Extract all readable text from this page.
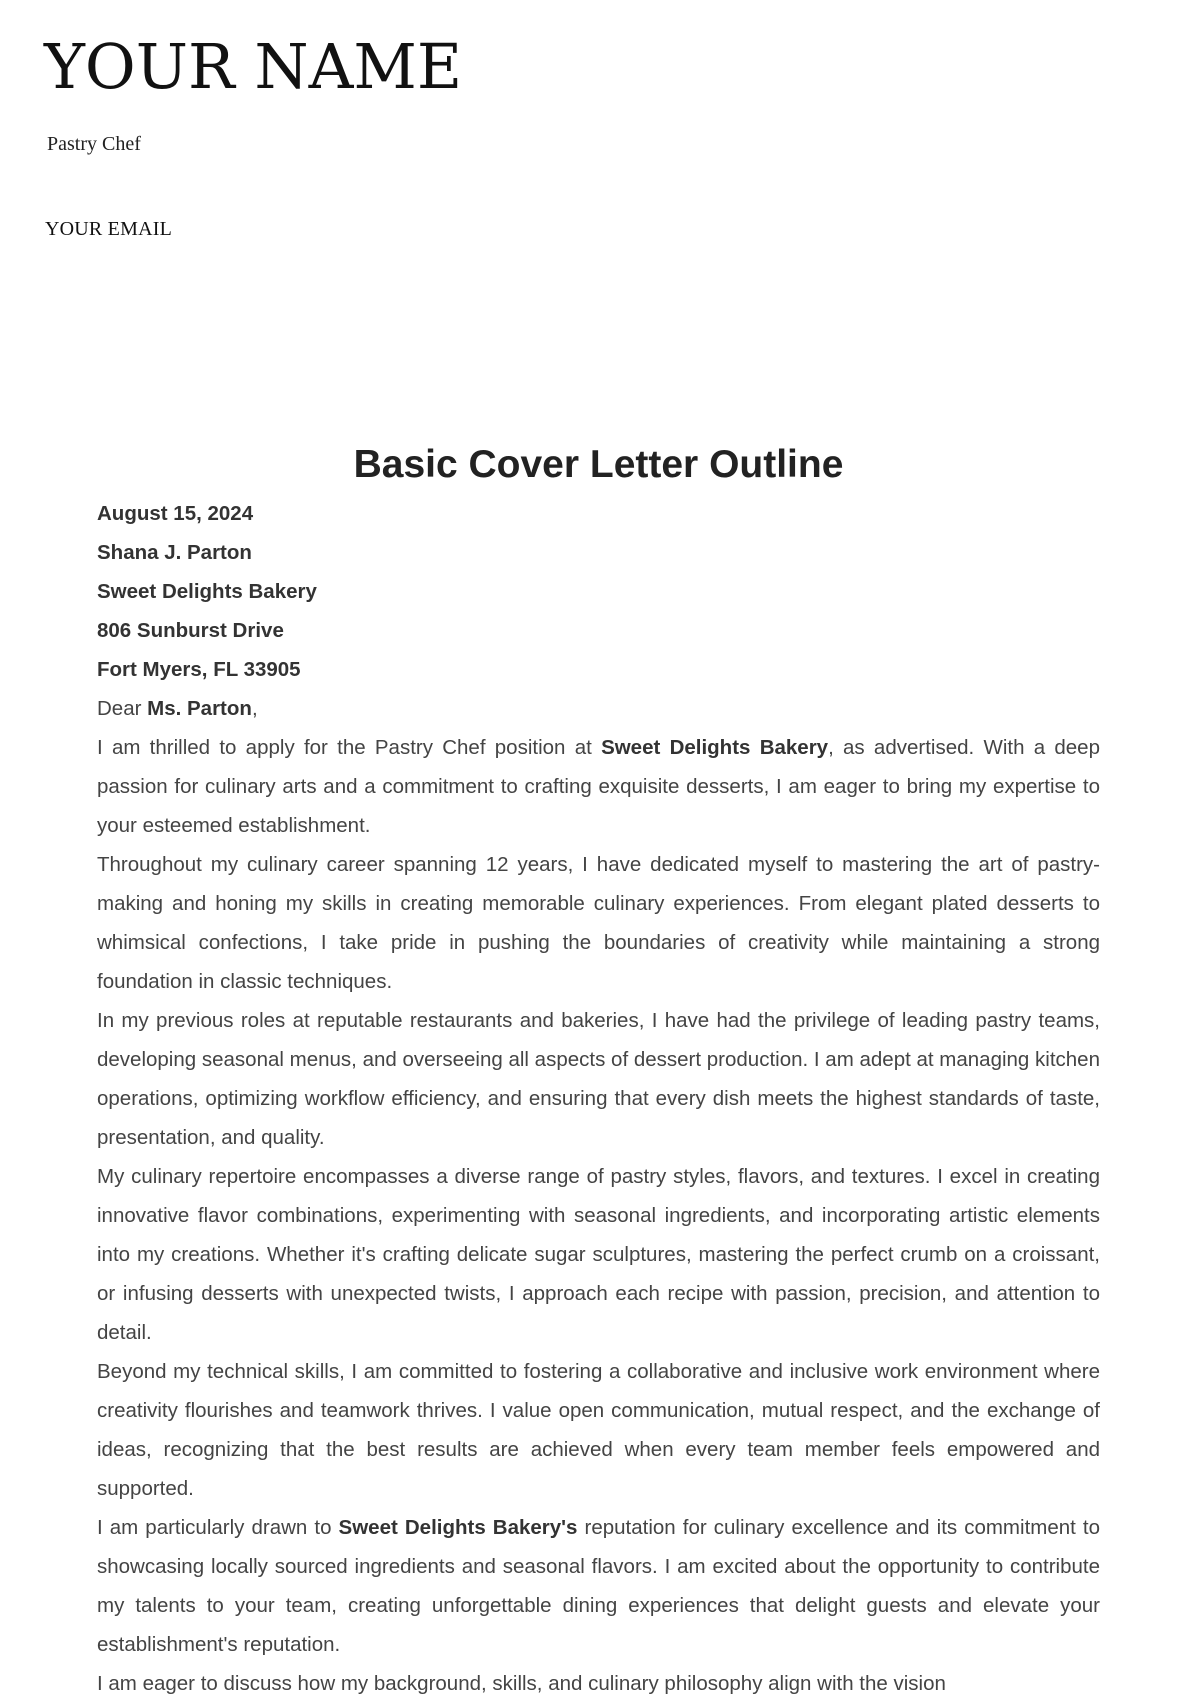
YOUR NAME
Pastry Chef
YOUR EMAIL
Basic Cover Letter Outline
August 15, 2024
Shana J. Parton
Sweet Delights Bakery
806 Sunburst Drive
Fort Myers, FL 33905
Dear Ms. Parton,

I am thrilled to apply for the Pastry Chef position at Sweet Delights Bakery, as advertised. With a deep passion for culinary arts and a commitment to crafting exquisite desserts, I am eager to bring my expertise to your esteemed establishment.

Throughout my culinary career spanning 12 years, I have dedicated myself to mastering the art of pastry-making and honing my skills in creating memorable culinary experiences. From elegant plated desserts to whimsical confections, I take pride in pushing the boundaries of creativity while maintaining a strong foundation in classic techniques.

In my previous roles at reputable restaurants and bakeries, I have had the privilege of leading pastry teams, developing seasonal menus, and overseeing all aspects of dessert production. I am adept at managing kitchen operations, optimizing workflow efficiency, and ensuring that every dish meets the highest standards of taste, presentation, and quality.

My culinary repertoire encompasses a diverse range of pastry styles, flavors, and textures. I excel in creating innovative flavor combinations, experimenting with seasonal ingredients, and incorporating artistic elements into my creations. Whether it's crafting delicate sugar sculptures, mastering the perfect crumb on a croissant, or infusing desserts with unexpected twists, I approach each recipe with passion, precision, and attention to detail.

Beyond my technical skills, I am committed to fostering a collaborative and inclusive work environment where creativity flourishes and teamwork thrives. I value open communication, mutual respect, and the exchange of ideas, recognizing that the best results are achieved when every team member feels empowered and supported.

I am particularly drawn to Sweet Delights Bakery's reputation for culinary excellence and its commitment to showcasing locally sourced ingredients and seasonal flavors. I am excited about the opportunity to contribute my talents to your team, creating unforgettable dining experiences that delight guests and elevate your establishment's reputation.

I am eager to discuss how my background, skills, and culinary philosophy align with the vision
